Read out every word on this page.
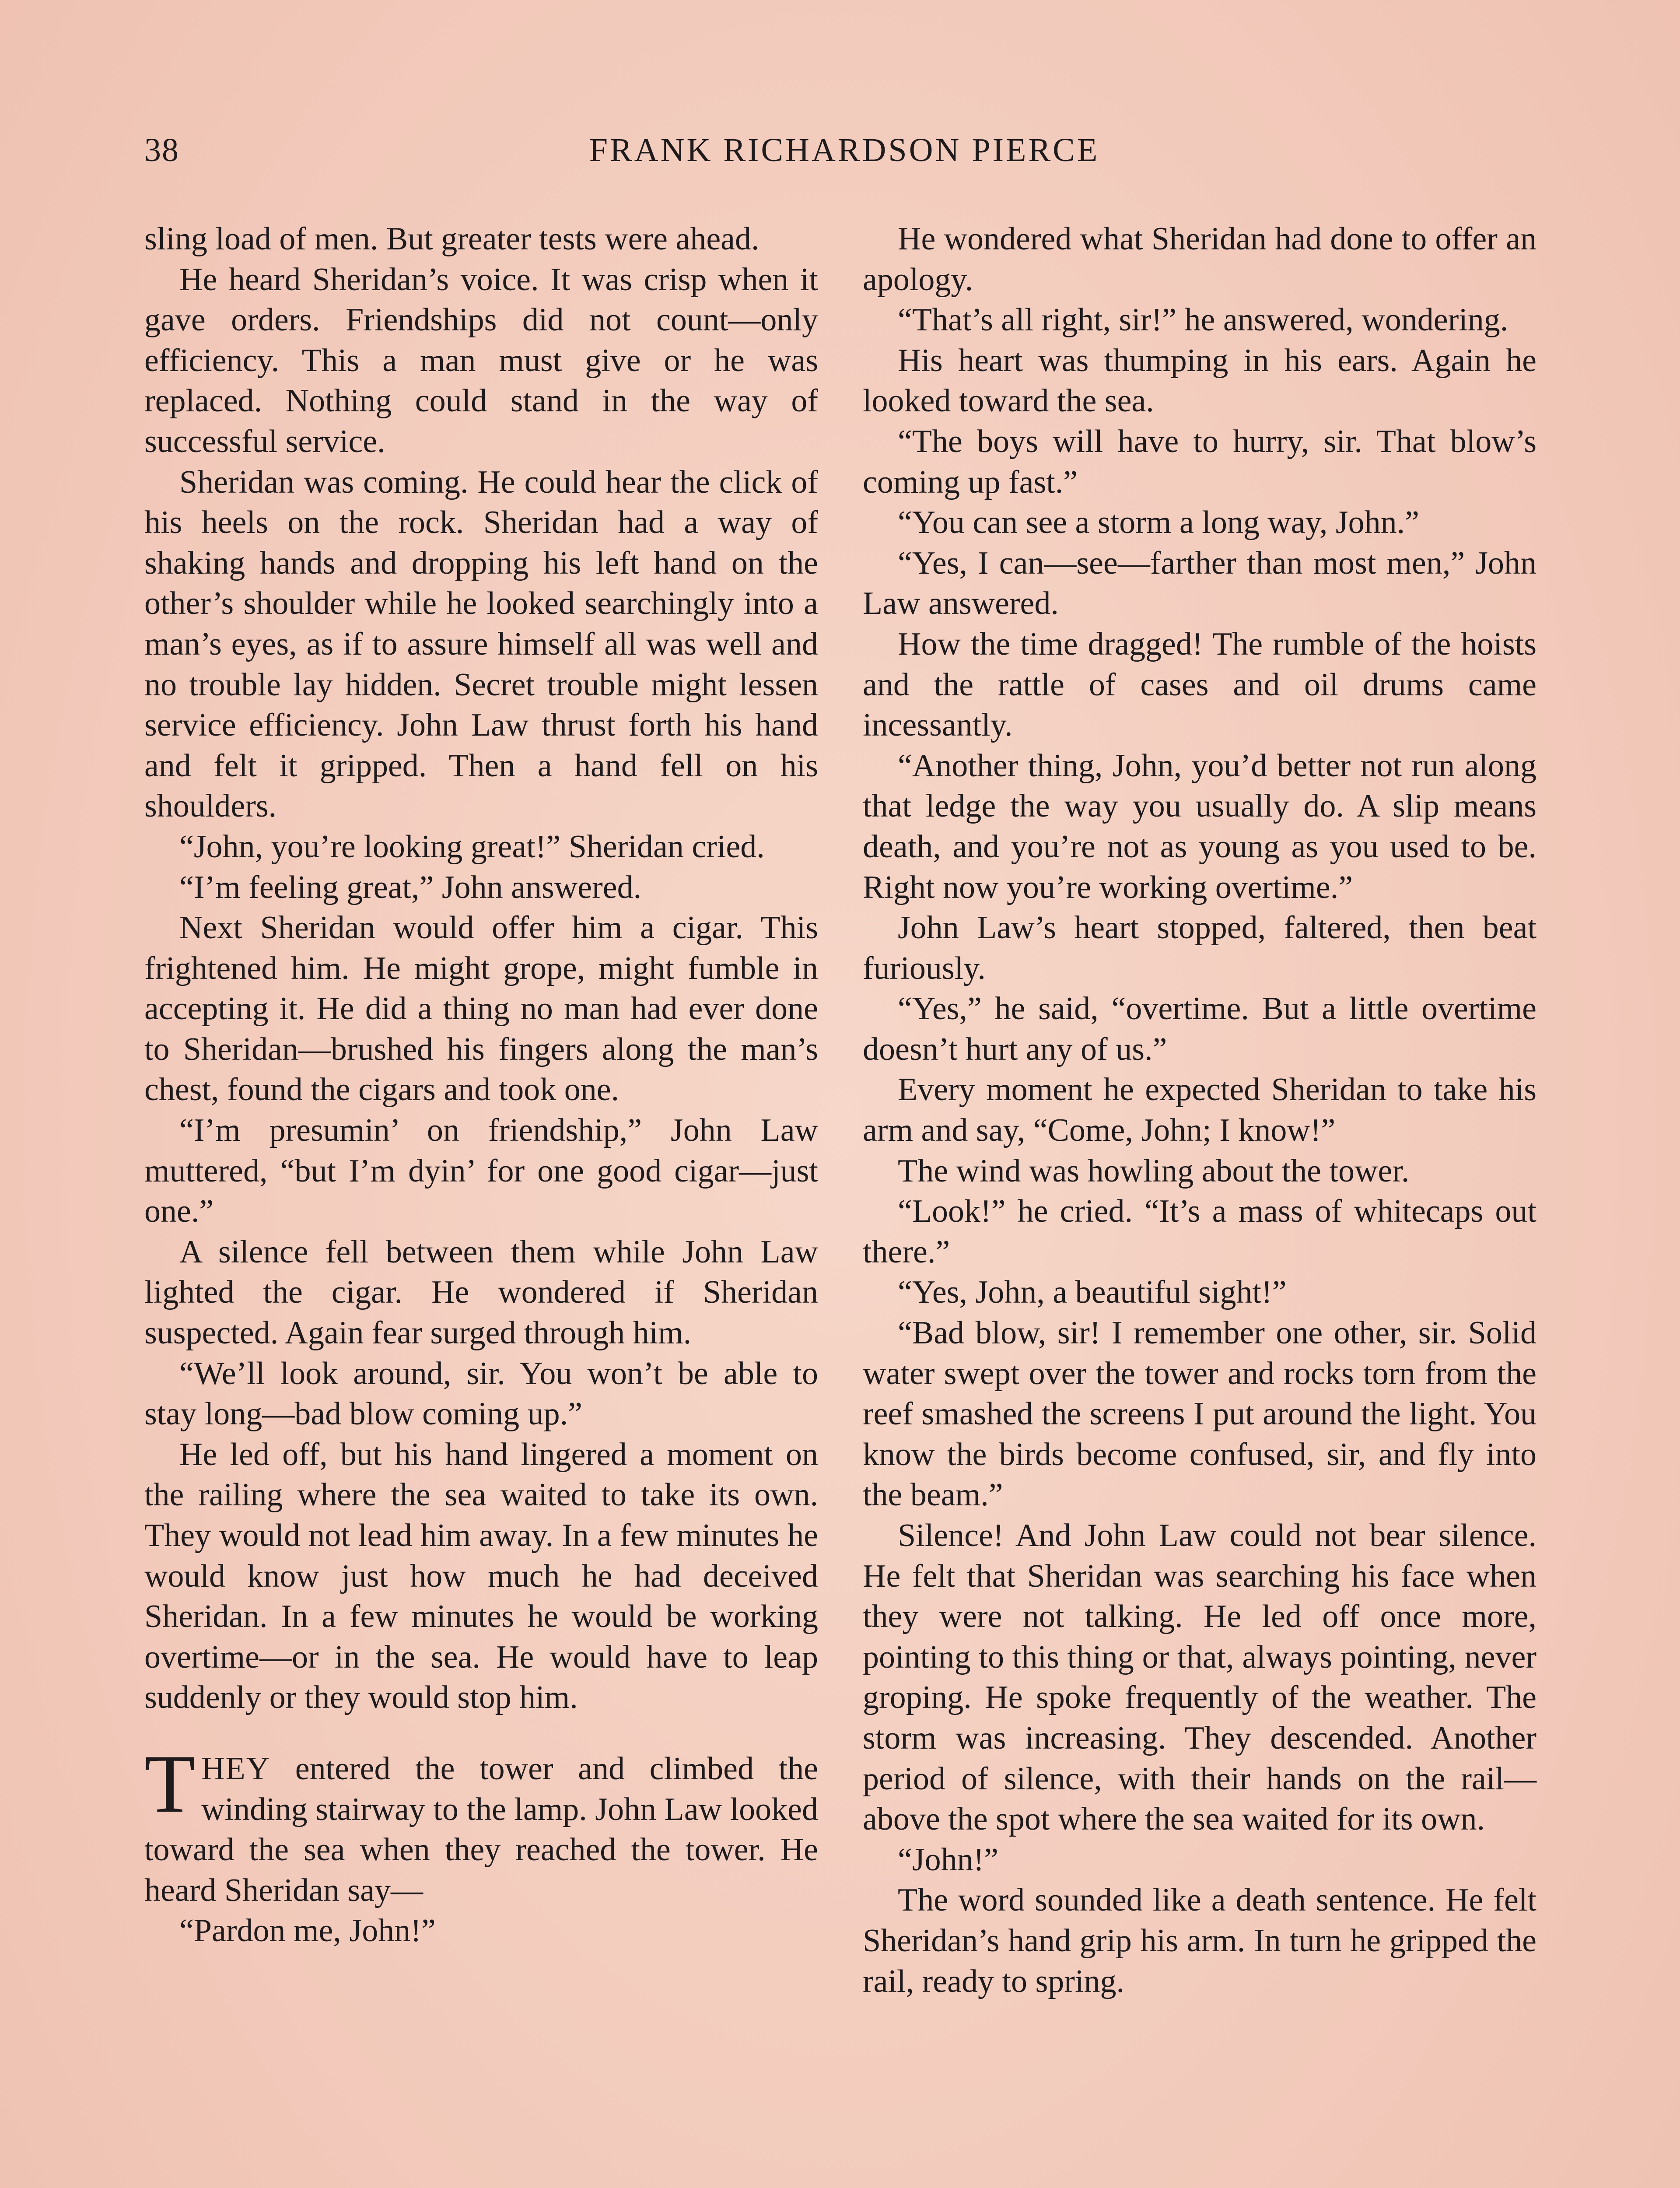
38	FRANK RICHARDSON PIERCE

sling load of men. But greater tests were ahead.

He heard Sheridan’s voice. It was crisp when it gave orders. Friendships did not count—only efficiency. This a man must give or he was replaced. Nothing could stand in the way of successful service.

Sheridan was coming. He could hear the click of his heels on the rock. Sheridan had a way of shaking hands and dropping his left hand on the other’s shoulder while he looked searchingly into a man’s eyes, as if to assure himself all was well and no trouble lay hidden. Secret trouble might lessen service efficiency. John Law thrust forth his hand and felt it gripped. Then a hand fell on his shoulders.

“John, you’re looking great!” Sheridan cried.

“I’m feeling great,” John answered.

Next Sheridan would offer him a cigar. This frightened him. He might grope, might fumble in accepting it. He did a thing no man had ever done to Sheridan—brushed his fingers along the man’s chest, found the cigars and took one.

“I’m presumin’ on friendship,” John Law muttered, “but I’m dyin’ for one good cigar—just one.”

A silence fell between them while John Law lighted the cigar. He wondered if Sheridan suspected. Again fear surged through him.

“We’ll look around, sir. You won’t be able to stay long—bad blow coming up.”

He led off, but his hand lingered a moment on the railing where the sea waited to take its own. They would not lead him away. In a few minutes he would know just how much he had deceived Sheridan. In a few minutes he would be working overtime—or in the sea. He would have to leap suddenly or they would stop him.

THEY entered the tower and climbed the winding stairway to the lamp. John Law looked toward the sea when they reached the tower. He heard Sheridan say—

“Pardon me, John!”

He wondered what Sheridan had done to offer an apology.

“That’s all right, sir!” he answered, wondering.

His heart was thumping in his ears. Again he looked toward the sea.

“The boys will have to hurry, sir. That blow’s coming up fast.”

“You can see a storm a long way, John.”

“Yes, I can—see—farther than most men,” John Law answered.

How the time dragged! The rumble of the hoists and the rattle of cases and oil drums came incessantly.

“Another thing, John, you’d better not run along that ledge the way you usually do. A slip means death, and you’re not as young as you used to be. Right now you’re working overtime.”

John Law’s heart stopped, faltered, then beat furiously.

“Yes,” he said, “overtime. But a little overtime doesn’t hurt any of us.”

Every moment he expected Sheridan to take his arm and say, “Come, John; I know!”

The wind was howling about the tower.

“Look!” he cried. “It’s a mass of whitecaps out there.”

“Yes, John, a beautiful sight!”

“Bad blow, sir! I remember one other, sir. Solid water swept over the tower and rocks torn from the reef smashed the screens I put around the light. You know the birds become confused, sir, and fly into the beam.”

Silence! And John Law could not bear silence. He felt that Sheridan was searching his face when they were not talking. He led off once more, pointing to this thing or that, always pointing, never groping. He spoke frequently of the weather. The storm was increasing. They descended. Another period of silence, with their hands on the rail—above the spot where the sea waited for its own.

“John!”

The word sounded like a death sentence. He felt Sheridan’s hand grip his arm. In turn he gripped the rail, ready to spring.
